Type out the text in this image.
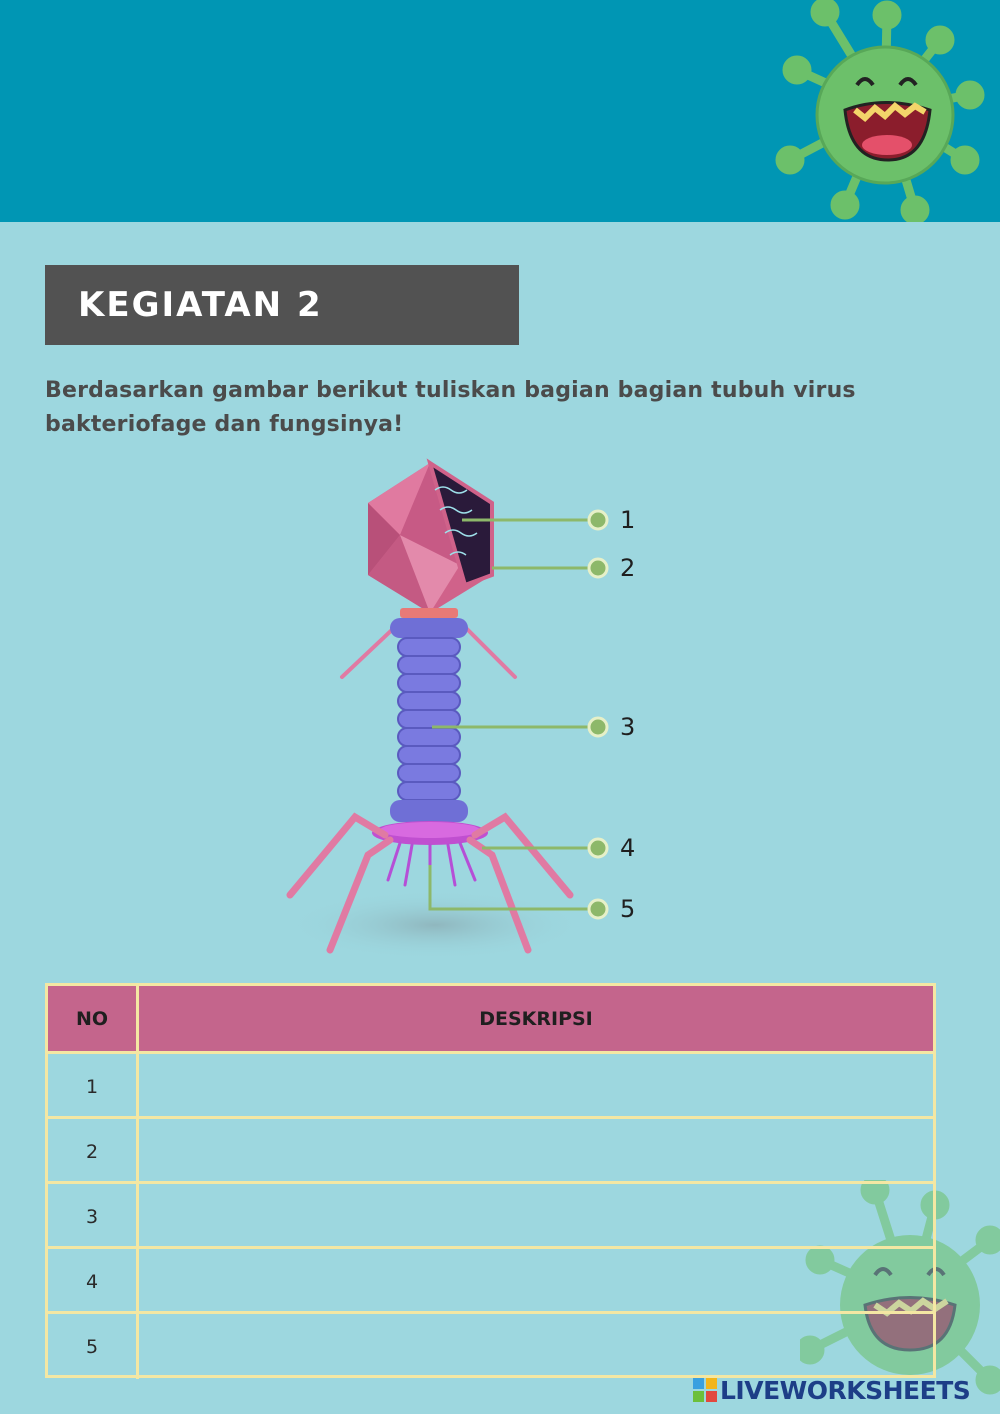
KEGIATAN 2
Berdasarkan gambar berikut tuliskan bagian bagian tubuh virus bakteriofage dan fungsinya!
1
2
3
4
5
NO	DESKRIPSI
1
2
3
4
5
LIVEWORKSHEETS
